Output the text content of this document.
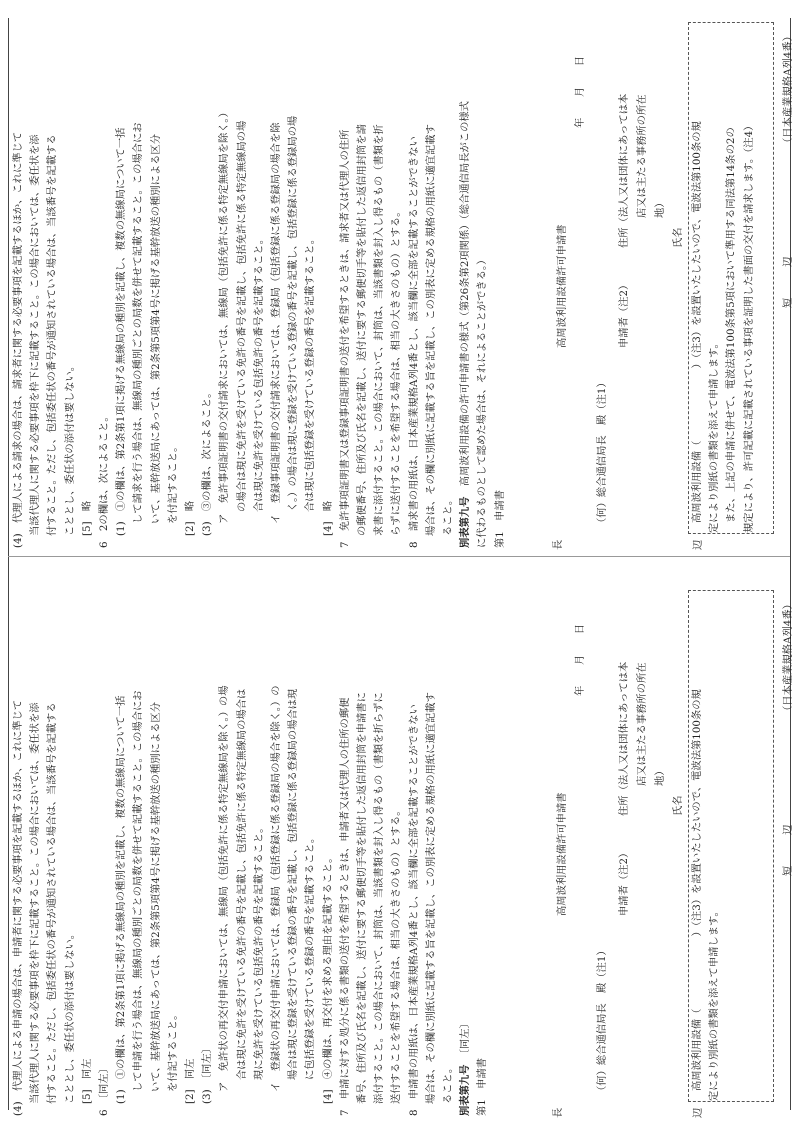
(4)　代理人による請求の場合は、請求者に関する必要事項を記載するほか、これに準じて 当該代理人に関する必要事項を枠下に記載すること。この場合においては、委任状を添 付すること。ただし、包括委任状の番号が通知されている場合は、当該番号を記載する こととし、委任状の添付は要しない。 [5]　略 6　2の欄は、次によること。 (1)　①の欄は、第2条第1項に掲げる無線局の種別を記載し、複数の無線局について一括 して請求を行う場合は、無線局の種別ごとの局数を併せて記載すること。この場合にお いて、基幹放送局にあっては、第2条第5項第4号に掲げる基幹放送の種別による区分 を付記すること。 [2]　略 (3)　③の欄は、次によること。 ア　免許事項証明書の交付請求においては、無線局（包括免許に係る特定無線局を除く。） の場合は現に免許を受けている免許の番号を記載し、包括免許に係る特定無線局の場 合は現に免許を受けている包括免許の番号を記載すること。 イ　登録事項証明書の交付請求においては、登録局（包括登録に係る登録局の場合を除 く。）の場合は現に登録を受けている登録の番号を記載し、包括登録に係る登録局の場 合は現に包括登録を受けている登録の番号を記載すること。
[4]　略 7　免許事項証明書又は登録事項証明書の送付を希望するときは、請求者又は代理人の住所 の郵便番号、住所及び氏名を記載し、送付に要する郵便切手等を貼付した返信用封筒を請 求書に添付すること。この場合において、封筒は、当該書類を封入し得るもの（書類を折 らずに送付することを希望する場合は、相当の大きさのもの）とする。 8　請求書の用紙は、日本産業規格A列4番とし、該当欄に全部を記載することができない 場合は、その欄に別紙に記載する旨を記載し、この別表に定める規格の用紙に適宜記載す ること。 別表第九号　高周波利用設備の許可申請書の様式（第26条第2項関係）（総合通信局長がこの様式 に代わるものとして認めた場合は、それによることができる。） 第1　申請書	長
高周波利用設備許可申請書
年　　月　　日
（何）総合通信局長　殿（注1）
申請者（注2）
住所（法人又は団体にあっては本 店又は主たる事務所の所在 地）
氏名 高周波利用設備（　　　　　　　）（注3）を設置いたしたいので、電波法第100条の規 定により別紙の書類を添えて申請します。 また、上記の申請に併せて、電波法第100条第5項において準用する同法第14条の2の 規定により、許可記載に記載されている事項を証明した書面の交付を請求します。（注4）
辺
短　　　辺
（日本産業規格A列4番）
(4)　代理人による申請の場合は、申請者に関する必要事項を記載するほか、これに準じて 当該代理人に関する必要事項を枠下に記載すること。この場合においては、委任状を添 付すること。ただし、包括委任状の番号が通知されている場合は、当該番号を記載する こととし、委任状の添付は要しない。 [5]　同左 6　〔同左〕 (1)　①の欄は、第2条第1項に掲げる無線局の種別を記載し、複数の無線局について一括 して申請を行う場合は、無線局の種別ごとの局数を併せて記載すること。この場合にお いて、基幹放送局にあっては、第2条第5項第4号に掲げる基幹放送の種別による区分 を付記すること。 [2]　同左 (3)　〔同左〕 ア　免許状の再交付申請においては、無線局（包括免許に係る特定無線局を除く。）の場 合は現に免許を受けている免許の番号を記載し、包括免許に係る特定無線局の場合は 現に免許を受けている包括免許の番号を記載すること。 イ　登録状の再交付申請においては、登録局（包括登録に係る登録局の場合を除く。）の 場合は現に登録を受けている登録の番号を記載し、包括登録に係る登録局の場合は現 に包括登録を受けている登録の番号を記載すること。 [4]　④の欄は、再交付を求める理由を記載すること。 7　申請に対する処分に係る書類の送付を希望するときは、申請者又は代理人の住所の郵便 番号、住所及び氏名を記載し、送付に要する郵便切手等を貼付した返信用封筒を申請書に 添付すること。この場合において、封筒は、当該書類を封入し得るもの（書類を折らずに 送付することを希望する場合は、相当の大きさのもの）とする。 8　申請書の用紙は、日本産業規格A列4番とし、該当欄に全部を記載することができない 場合は、その欄に別紙に記載する旨を記載し、この別表に定める規格の用紙に適宜記載す ること。 別表第九号　〔同左〕
第1　申請書	長
高周波利用設備許可申請書
年　　月　　日
（何）総合通信局長　殿（注1）
申請者（注2）
住所（法人又は団体にあっては本 店又は主たる事務所の所在 地）
氏名 高周波利用設備（　　　　　　　）（注3）を設置いたしたいので、電波法第100条の規 定により別紙の書類を添えて申請します。
辺
短　　　辺
（日本産業規格A列4番）
